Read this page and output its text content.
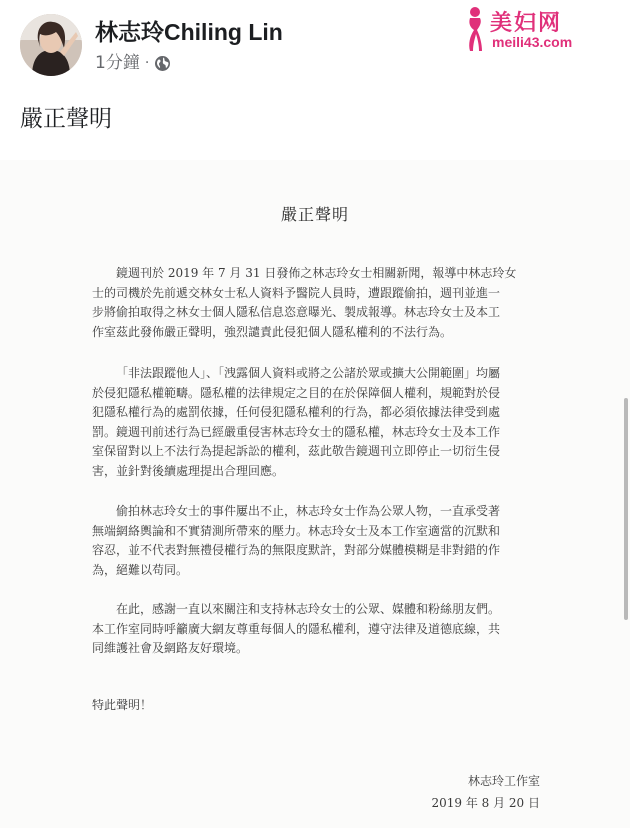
林志玲Chiling Lin
1分鐘 ·
美妇网
meili43.com
嚴正聲明
嚴正聲明
鏡週刊於 2019 年 7 月 31 日發佈之林志玲女士相關新聞，報導中林志玲女
士的司機於先前遞交林女士私人資料予醫院人員時，遭跟蹤偷拍，週刊並進一
步將偷拍取得之林女士個人隱私信息恣意曝光、製成報導。林志玲女士及本工
作室茲此發佈嚴正聲明，強烈譴責此侵犯個人隱私權利的不法行為。
「非法跟蹤他人」、「洩露個人資料或將之公諸於眾或擴大公開範圍」均屬
於侵犯隱私權範疇。隱私權的法律規定之目的在於保障個人權利，規範對於侵
犯隱私權行為的處罰依據，任何侵犯隱私權利的行為，都必須依據法律受到處
罰。鏡週刊前述行為已經嚴重侵害林志玲女士的隱私權，林志玲女士及本工作
室保留對以上不法行為提起訴訟的權利，茲此敬告鏡週刊立即停止一切衍生侵
害，並針對後續處理提出合理回應。
偷拍林志玲女士的事件屢出不止，林志玲女士作為公眾人物，一直承受著
無端網絡輿論和不實猜測所帶來的壓力。林志玲女士及本工作室適當的沉默和
容忍，並不代表對無禮侵權行為的無限度默許，對部分媒體模糊是非對錯的作
為，絕難以苟同。
在此，感謝一直以來關注和支持林志玲女士的公眾、媒體和粉絲朋友們。
本工作室同時呼籲廣大網友尊重每個人的隱私權利，遵守法律及道德底線，共
同維護社會及網路友好環境。
特此聲明！
林志玲工作室
2019 年 8 月 20 日
